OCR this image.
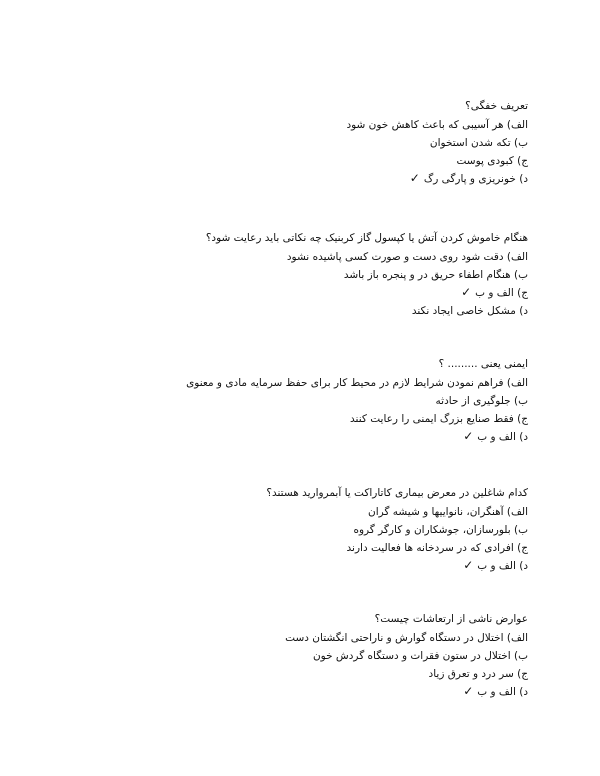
تعریف خفگی؟
الف) هر آسیبی که باعث کاهش خون شود
ب) تکه شدن استخوان
ج) کبودی پوست
د) خونریزی و پارگی رگ✓
هنگام خاموش کردن آتش یا کپسول گاز کربنیک چه نکاتی باید رعایت شود؟
الف) دقت شود روی دست و صورت کسی پاشیده نشود
ب) هنگام اطفاء حریق در و پنجره باز باشد
ج) الف و ب✓
د) مشکل خاصی ایجاد نکند
ایمنی یعنی ......... ؟
الف) فراهم نمودن شرایط لازم در محیط کار برای حفظ سرمایه مادی و معنوی
ب) جلوگیری از حادثه
ج) فقط صنایع بزرگ ایمنی را رعایت کنند
د) الف و ب✓
کدام شاغلین در معرض بیماری کاتاراکت یا آبمروارید هستند؟
الف) آهنگران، نانواییها و شیشه گران
ب) بلورسازان، جوشکاران و کارگر گروه
ج) افرادی که در سردخانه ها فعالیت دارند
د) الف و ب✓
عوارض ناشی از ارتعاشات چیست؟
الف) اختلال در دستگاه گوارش و ناراحتی انگشتان دست
ب) اختلال در ستون فقرات و دستگاه گردش خون
ج) سر درد و تعرق زیاد
د) الف و ب✓
